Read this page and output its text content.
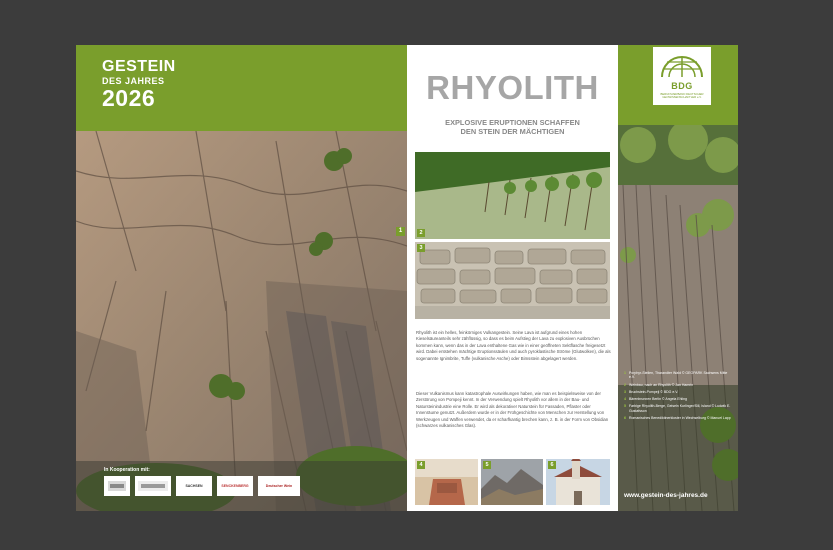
GESTEIN
DES JAHRES
2026
1
In Kooperation mit:
SACHSEN	SENCKENBERG	Deutscher Wein
RHYOLITH
EXPLOSIVE ERUPTIONEN SCHAFFEN
DEN STEIN DER MÄCHTIGEN
2
3
Rhyolith ist ein helles, feinkörniges Vulkangestein. Seine Lava ist aufgrund eines hohen Kieselsäureanteils sehr zähflüssig, so dass es beim Aufstieg der Lava zu explosiven Ausbrüchen kommen kann, wenn das in der Lava enthaltene Gas wie in einer geöffneten Sektflasche freigesetzt wird. Dabei entstehen mächtige Eruptionssäulen und auch pyroklastische Ströme (Glutwolken), die als sogenannte Ignimbrite, Tuffe (vulkanische Asche) oder Bimsstein abgelagert werden.
Dieser Vulkanismus kann katastrophale Auswirkungen haben, wie man es beispielsweise von der Zerstörung von Pompeji kennt. In der Verwendung spielt Rhyolith vor allem in der Bau- und Natursteinindustrie eine Rolle. Er wird als dekorativer Naturstein für Fassaden, Pflaster oder Innenräume genutzt. Außerdem wurde er in der Frühgeschichte von Menschen zur Herstellung von Werkzeugen und Waffen verwendet, da er scharfkantig brechen kann, z. B. in der Form von Obsidian (schwarzes vulkanisches Glas).
4	5	6
BDG
BERUFSVERBAND DEUTSCHER GEOWISSENSCHAFTLER e.V.
1 Porphyr-Steilen, Tharandter Wald © GEOPARK Sachsens Mitte e.V.
2 Weinbau, nach an Rhyolith © Jan Hamrin
3 Bruchstein-Pompeji © BDG e.V.
4 Bärenbrunnen Berlin © Angela Ehling
5 Farbige Rhyolith-Berge, Geiseln Kurlinger/Sill, Island © Ludwik E. Gustafsson
6 Romanisches Benediktinerkloster in Wechselburg © Manuel Lapp
www.gestein-des-jahres.de
